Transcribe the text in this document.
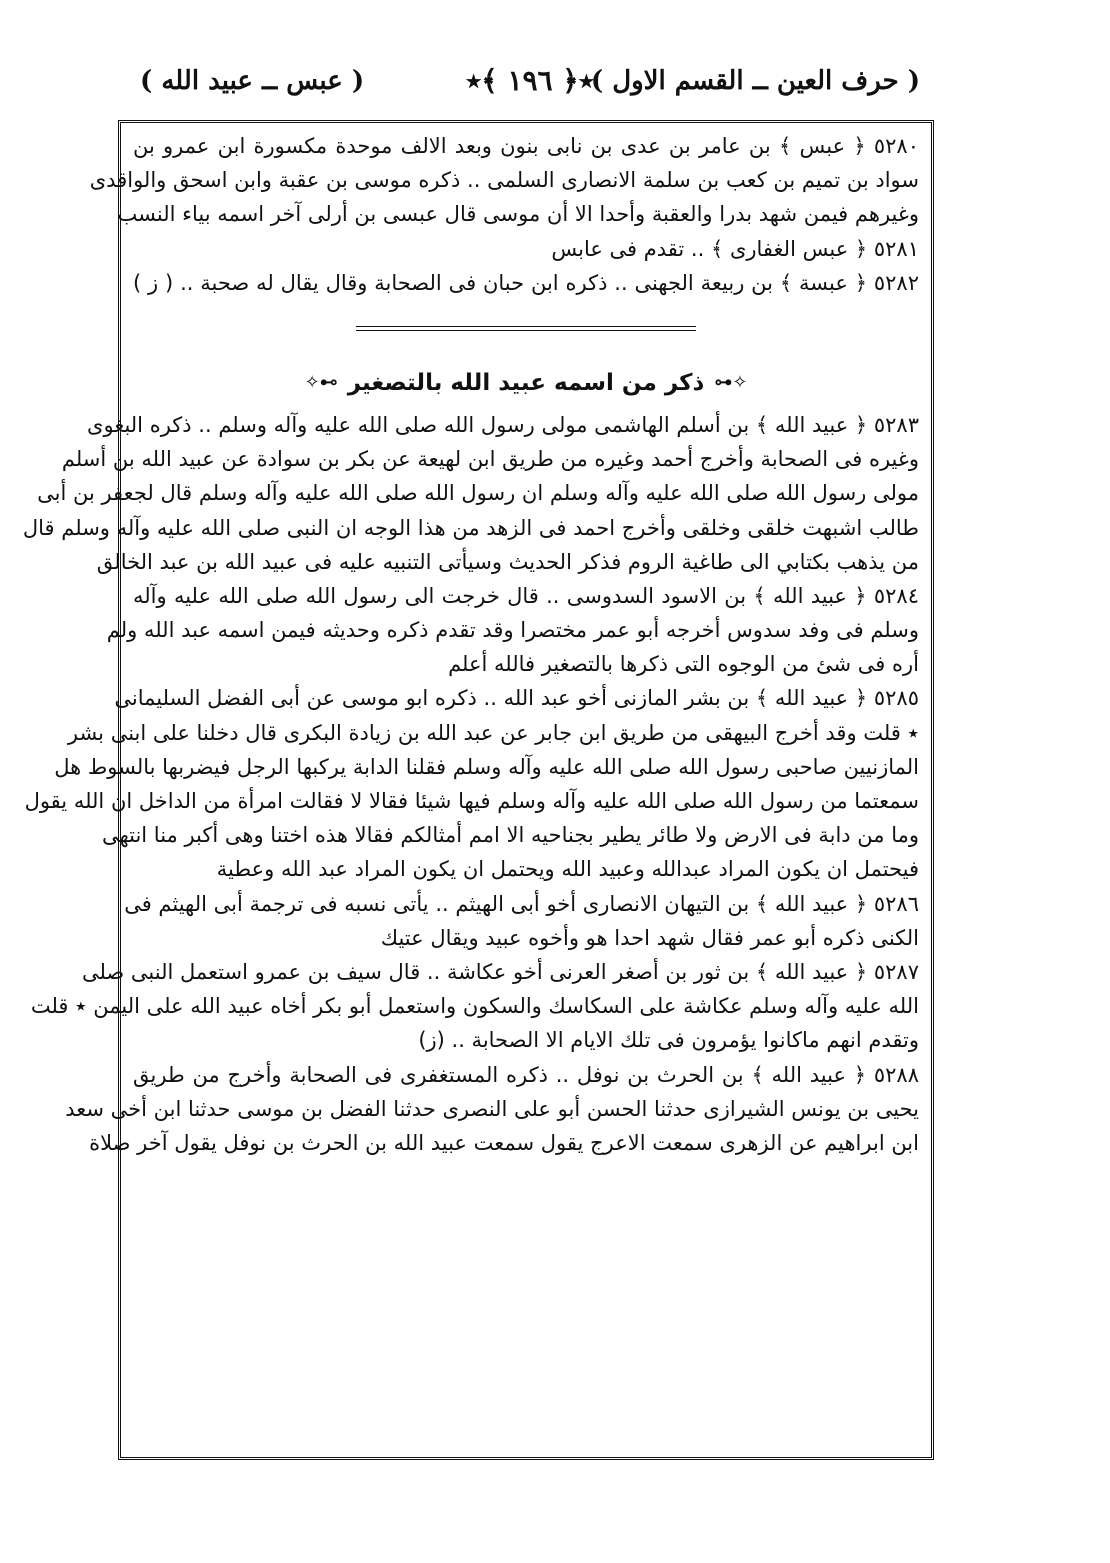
( حرف العين ــ القسم الاول )
٭﴿ ١٩٦ ﴾٭
( عبس ــ عبيد الله )
٥٢٨٠ ﴿ عبس ﴾ بن عامر بن عدى بن نابى بنون وبعد الالف موحدة مكسورة ابن عمرو بن
سواد بن تميم بن كعب بن سلمة الانصارى السلمى .. ذكره موسى بن عقبة وابن اسحق والواقدى
وغيرهم فيمن شهد بدرا والعقبة وأحدا الا أن موسى قال عبسى بن أرلى آخر اسمه بياء النسب
٥٢٨١ ﴿ عبس الغفارى ﴾ .. تقدم فى عابس
٥٢٨٢ ﴿ عبسة ﴾ بن ربيعة الجهنى .. ذكره ابن حبان فى الصحابة وقال يقال له صحبة .. ( ز )
✧⊷
ذكر من اسمه عبيد الله بالتصغير
⊶✧
٥٢٨٣ ﴿ عبيد الله ﴾ بن أسلم الهاشمى مولى رسول الله صلى الله عليه وآله وسلم .. ذكره البغوى
وغيره فى الصحابة وأخرج أحمد وغيره من طريق ابن لهيعة عن بكر بن سوادة عن عبيد الله بن أسلم
مولى رسول الله صلى الله عليه وآله وسلم ان رسول الله صلى الله عليه وآله وسلم قال لجعفر بن أبى
طالب اشبهت خلقى وخلقى وأخرج احمد فى الزهد من هذا الوجه ان النبى صلى الله عليه وآله وسلم قال
من يذهب بكتابي الى طاغية الروم فذكر الحديث وسيأتى التنبيه عليه فى عبيد الله بن عبد الخالق
٥٢٨٤ ﴿ عبيد الله ﴾ بن الاسود السدوسى .. قال خرجت الى رسول الله صلى الله عليه وآله
وسلم فى وفد سدوس أخرجه أبو عمر مختصرا وقد تقدم ذكره وحديثه فيمن اسمه عبد الله ولم
أره فى شئ من الوجوه التى ذكرها بالتصغير فالله أعلم
٥٢٨٥ ﴿ عبيد الله ﴾ بن بشر المازنى أخو عبد الله .. ذكره ابو موسى عن أبى الفضل السليمانى
٭ قلت وقد أخرج البيهقى من طريق ابن جابر عن عبد الله بن زيادة البكرى قال دخلنا على ابنى بشر
المازنيين صاحبى رسول الله صلى الله عليه وآله وسلم فقلنا الدابة يركبها الرجل فيضربها بالسوط هل
سمعتما من رسول الله صلى الله عليه وآله وسلم فيها شيئا فقالا لا فقالت امرأة من الداخل ان الله يقول
وما من دابة فى الارض ولا طائر يطير بجناحيه الا امم أمثالكم فقالا هذه اختنا وهى أكبر منا انتهى
فيحتمل ان يكون المراد عبدالله وعبيد الله ويحتمل ان يكون المراد عبد الله وعطية
٥٢٨٦ ﴿ عبيد الله ﴾ بن التيهان الانصارى أخو أبى الهيثم .. يأتى نسبه فى ترجمة أبى الهيثم فى
الكنى ذكره أبو عمر فقال شهد احدا هو وأخوه عبيد ويقال عتيك
٥٢٨٧ ﴿ عبيد الله ﴾ بن ثور بن أصغر العرنى أخو عكاشة .. قال سيف بن عمرو استعمل النبى صلى
الله عليه وآله وسلم عكاشة على السكاسك والسكون واستعمل أبو بكر أخاه عبيد الله على اليمن ٭ قلت
وتقدم انهم ماكانوا يؤمرون فى تلك الايام الا الصحابة .. (ز)
٥٢٨٨ ﴿ عبيد الله ﴾ بن الحرث بن نوفل .. ذكره المستغفرى فى الصحابة وأخرج من طريق
يحيى بن يونس الشيرازى حدثنا الحسن أبو على النصرى حدثنا الفضل بن موسى حدثنا ابن أخى سعد
ابن ابراهيم عن الزهرى سمعت الاعرج يقول سمعت عبيد الله بن الحرث بن نوفل يقول آخر صلاة
